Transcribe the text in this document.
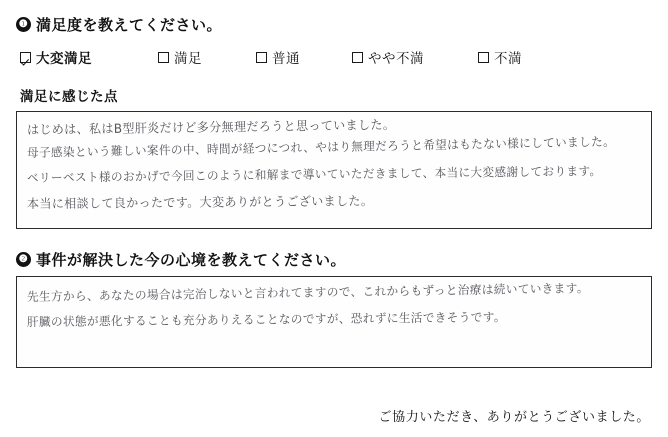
❶ 満足度を教えてください。
大変満足	満足	普通	やや不満	不満
満足に感じた点
はじめは、私はB型肝炎だけど多分無理だろうと思っていました。
母子感染という難しい案件の中、時間が経つにつれ、やはり無理だろうと希望はもたない様にしていました。
ベリーベスト様のおかげで今回このように和解まで導いていただきまして、本当に大変感謝しております。
本当に相談して良かったです。大変ありがとうございました。
❷ 事件が解決した今の心境を教えてください。
先生方から、あなたの場合は完治しないと言われてますので、これからもずっと治療は続いていきます。
肝臓の状態が悪化することも充分ありえることなのですが、恐れずに生活できそうです。
ご協力いただき、ありがとうございました。
